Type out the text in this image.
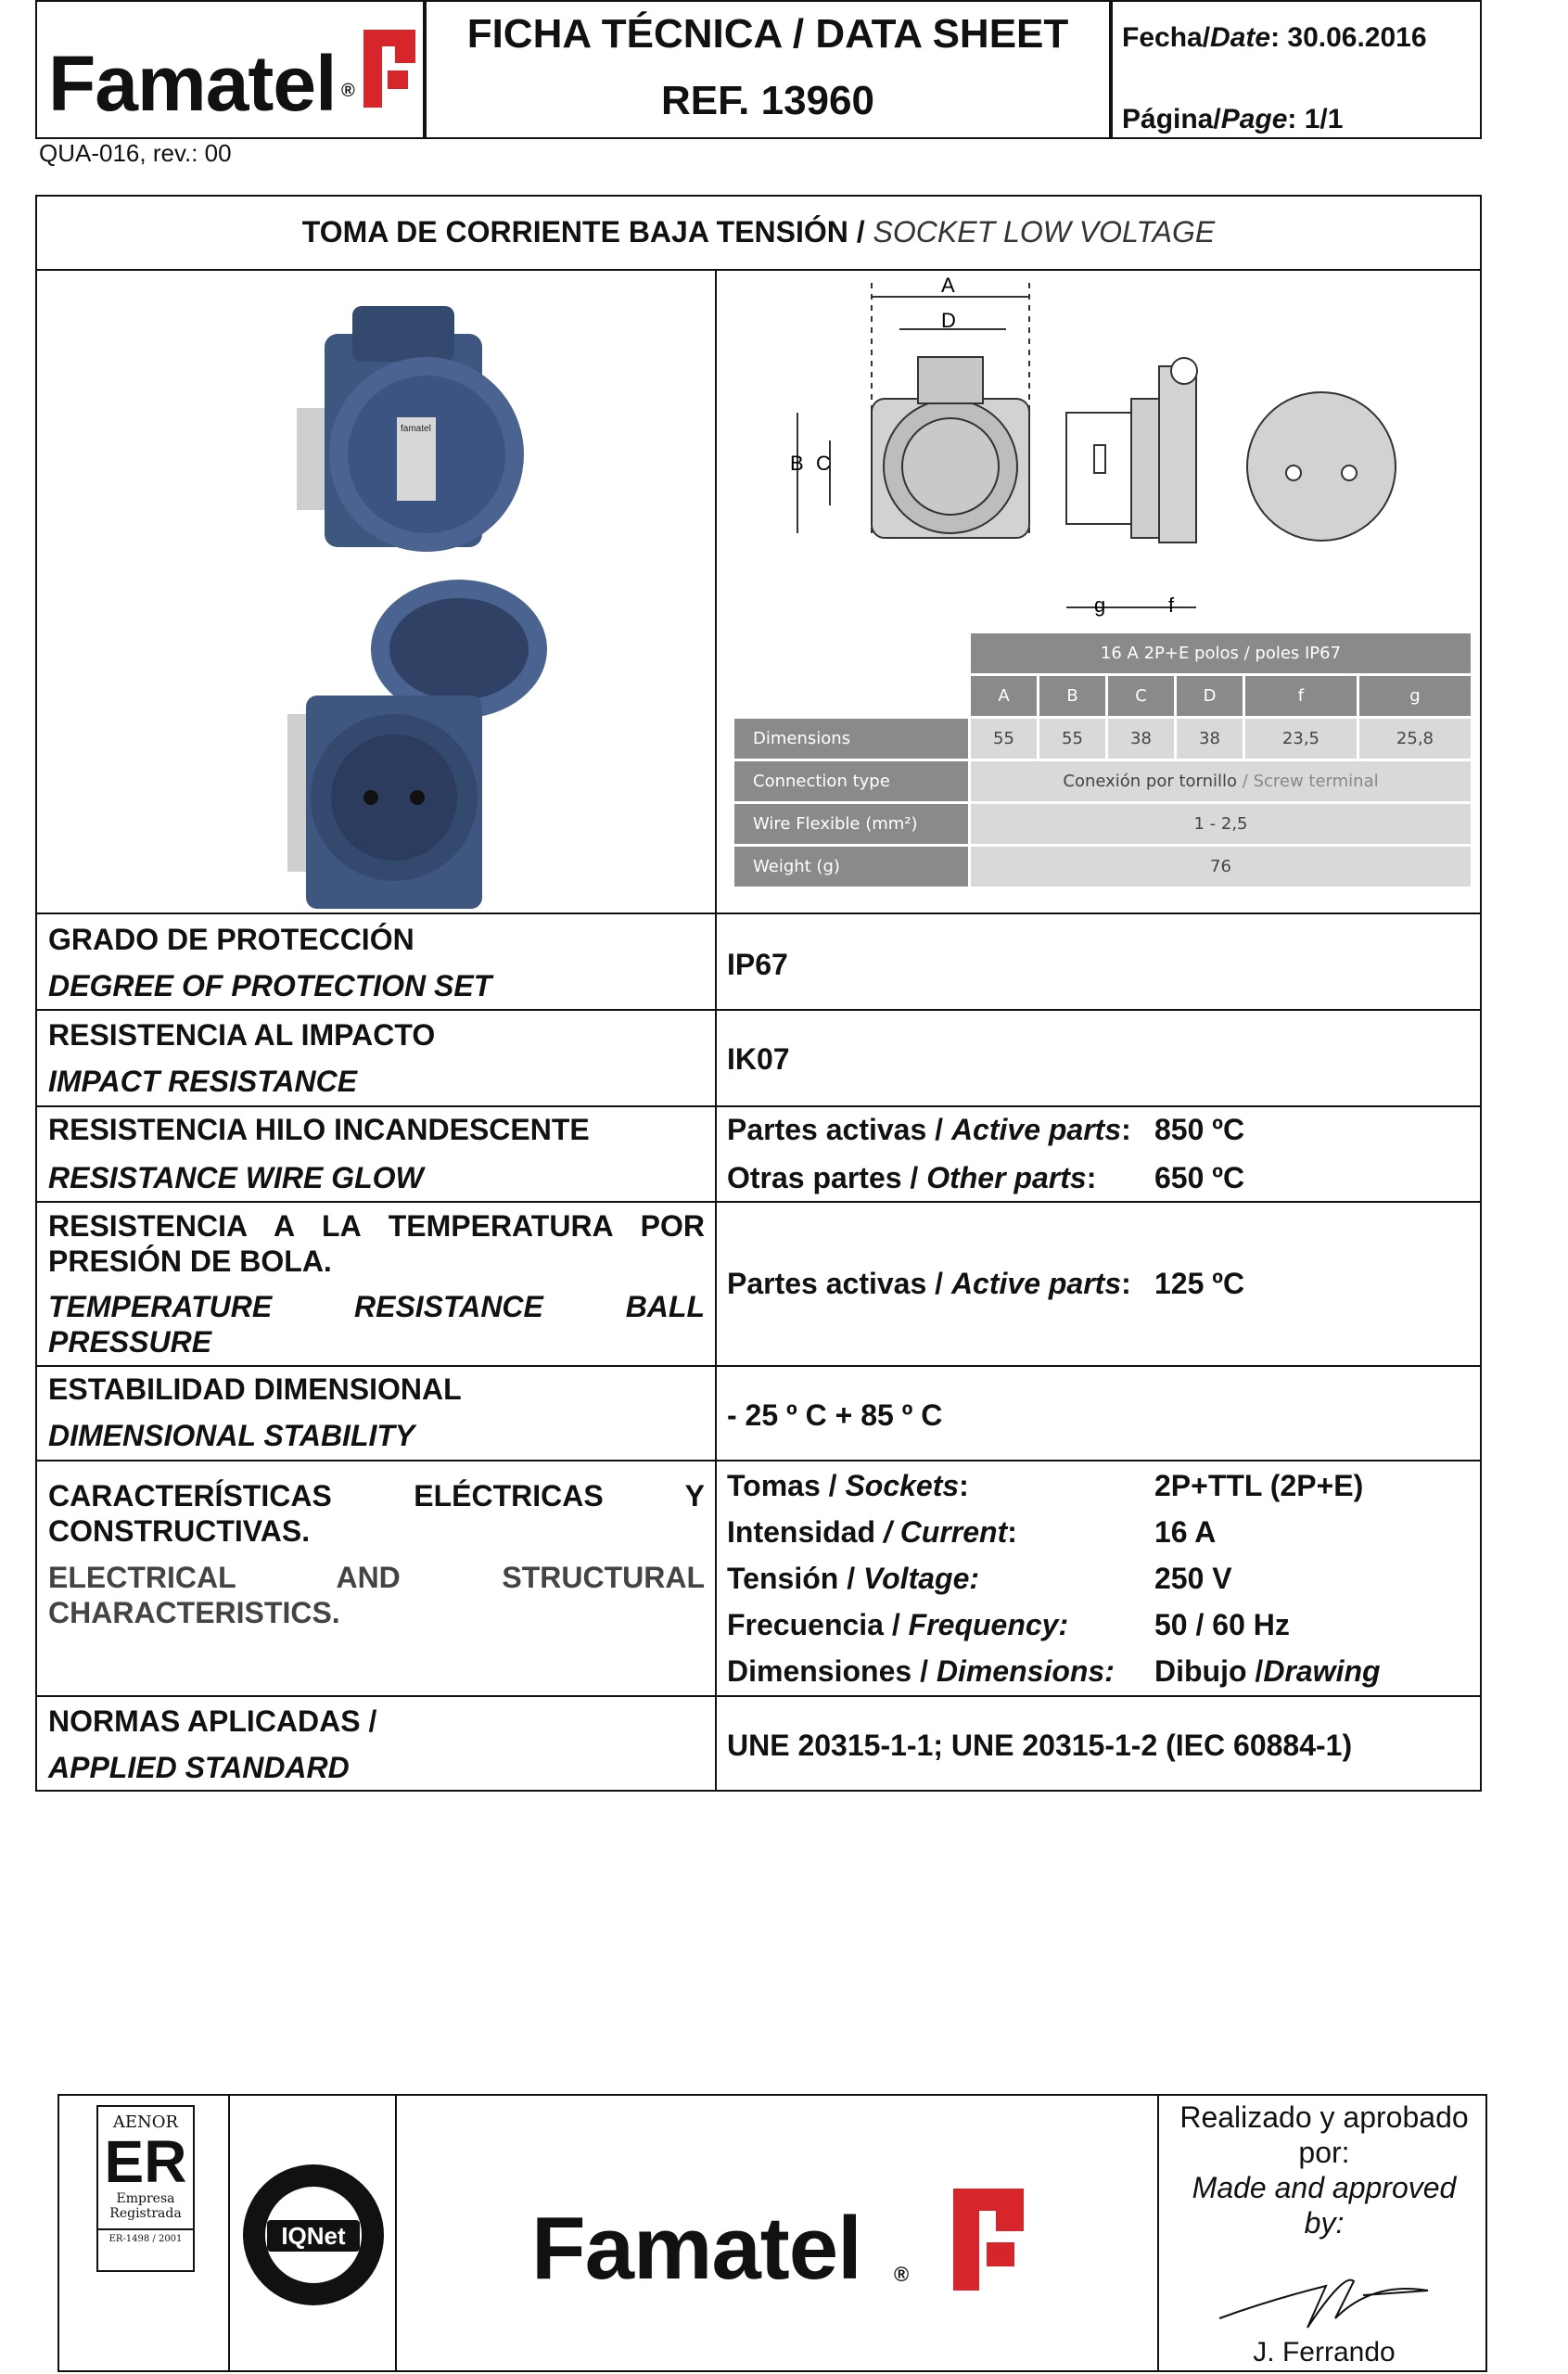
Famatel ®
FICHA TÉCNICA / DATA SHEET
REF. 13960
Fecha/Date: 30.06.2016
Página/Page: 1/1
QUA-016, rev.: 00
TOMA DE CORRIENTE BAJA TENSIÓN / SOCKET LOW VOLTAGE
famatel
A
D
B C
g	f
	16 A 2P+E polos / poles IP67					
	A	B	C	D	f	g
Dimensions	55	55	38	38	23,5	25,8
Connection type	Conexión por tornillo / Screw terminal					
Wire Flexible (mm²)	1 - 2,5					
Weight (g)	76					
GRADO DE PROTECCIÓN
DEGREE OF PROTECTION SET
IP67
RESISTENCIA AL IMPACTO
IMPACT RESISTANCE
IK07
RESISTENCIA HILO INCANDESCENTE
RESISTANCE WIRE GLOW
Partes activas / Active parts: 850 ºC
Otras partes / Other parts: 650 ºC
RESISTENCIA A LA TEMPERATURA POR PRESIÓN DE BOLA.
TEMPERATURE RESISTANCE BALL PRESSURE
Partes activas / Active parts: 125 ºC
ESTABILIDAD DIMENSIONAL
DIMENSIONAL STABILITY
- 25 º C + 85 º C
CARACTERÍSTICAS ELÉCTRICAS Y CONSTRUCTIVAS.
ELECTRICAL AND STRUCTURAL CHARACTERISTICS.
Tomas / Sockets:	2P+TTL (2P+E)
Intensidad / Current:	16 A
Tensión / Voltage:	250 V
Frecuencia / Frequency:	50 / 60 Hz
Dimensiones / Dimensions: Dibujo /Drawing
NORMAS APLICADAS /
APPLIED STANDARD
UNE 20315-1-1; UNE 20315-1-2 (IEC 60884-1)
AENOR
ER
Empresa
Registrada
ER-1498 / 2001	IQNet Famatel ®
Realizado y aprobado por:
Made and approved by:
J. Ferrando
